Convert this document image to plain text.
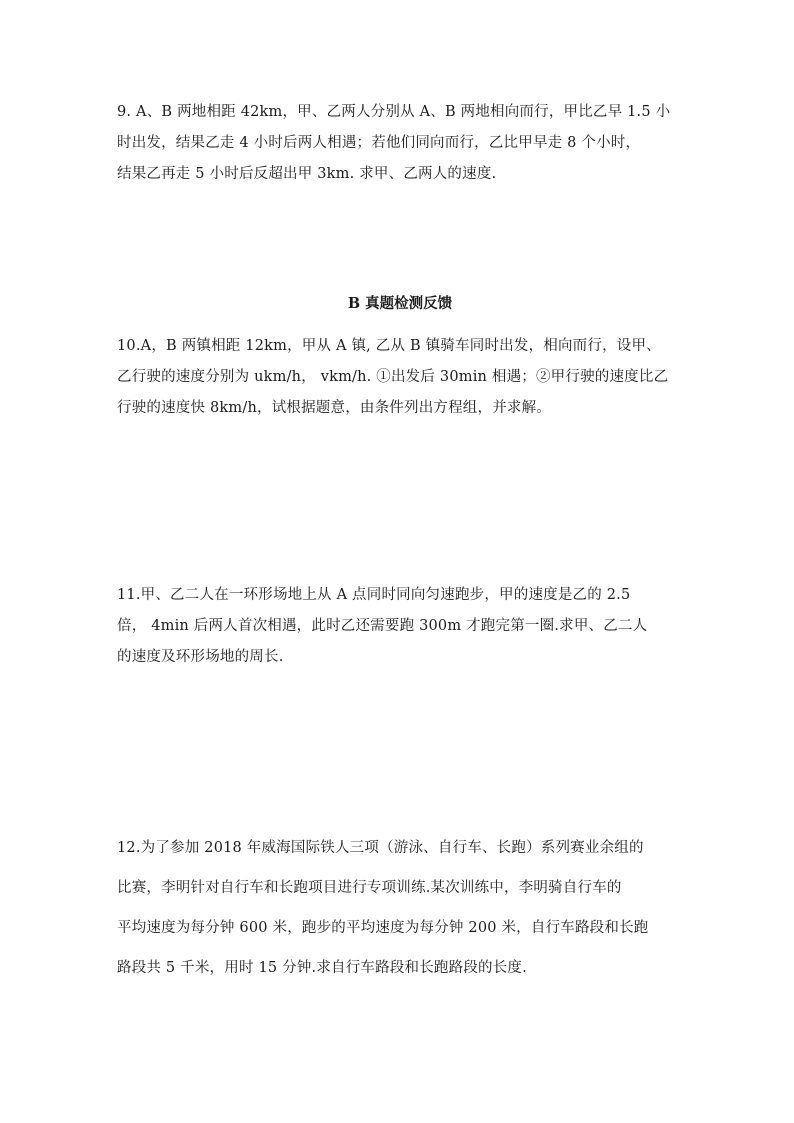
9. A、B 两地相距 42km，甲、乙两人分别从 A、B 两地相向而行，甲比乙早 1.5 小
时出发，结果乙走 4 小时后两人相遇；若他们同向而行，乙比甲早走 8 个小时，
结果乙再走 5 小时后反超出甲 3km. 求甲、乙两人的速度.
B 真题检测反馈
10.A，B 两镇相距 12km，甲从 A 镇, 乙从 B 镇骑车同时出发，相向而行，设甲、
乙行驶的速度分别为 ukm/h， vkm/h. ①出发后 30min 相遇；②甲行驶的速度比乙
行驶的速度快 8km/h，试根据题意，由条件列出方程组，并求解。
11.甲、乙二人在一环形场地上从 A 点同时同向匀速跑步，甲的速度是乙的 2.5
倍， 4min 后两人首次相遇，此时乙还需要跑 300m 才跑完第一圈.求甲、乙二人
的速度及环形场地的周长.
12.为了参加 2018 年威海国际铁人三项（游泳、自行车、长跑）系列赛业余组的
比赛，李明针对自行车和长跑项目进行专项训练.某次训练中，李明骑自行车的
平均速度为每分钟 600 米，跑步的平均速度为每分钟 200 米，自行车路段和长跑
路段共 5 千米，用时 15 分钟.求自行车路段和长跑路段的长度.
